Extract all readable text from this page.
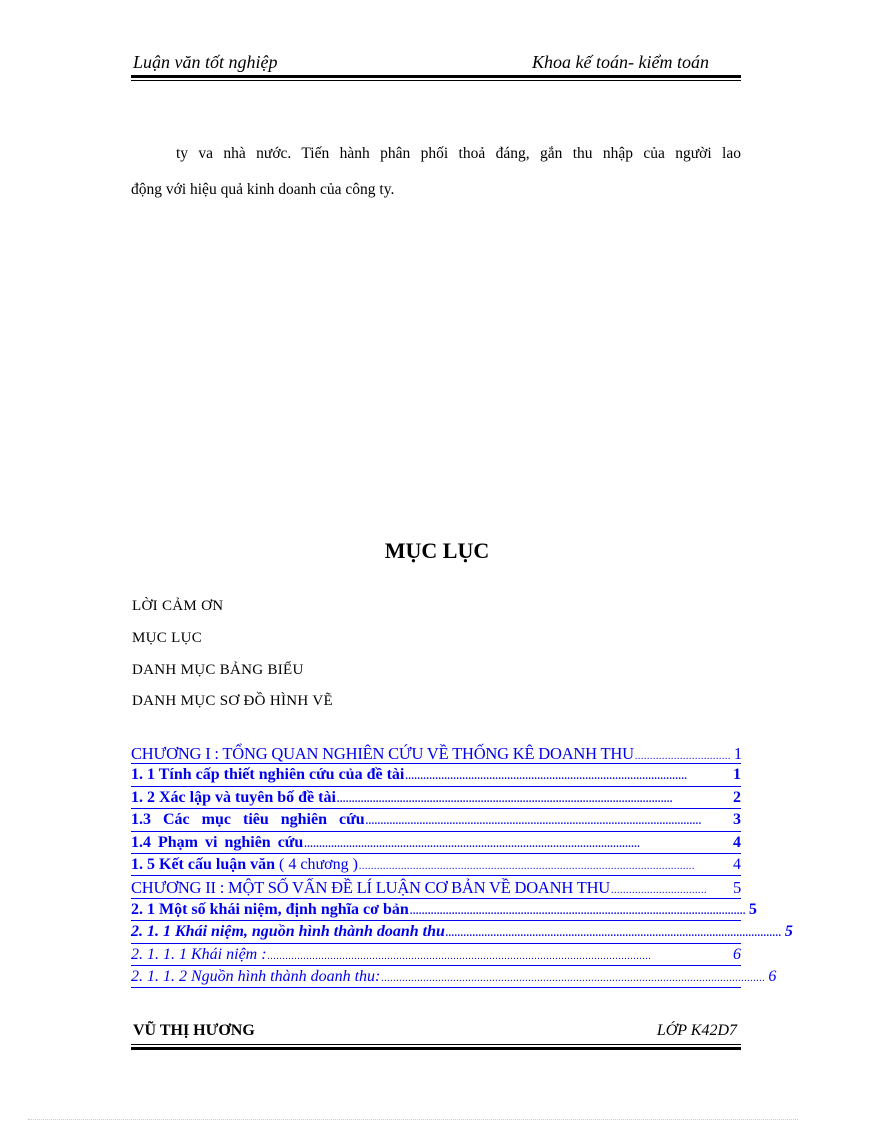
Luận văn tốt nghiệp	Khoa kế toán- kiểm toán
ty va nhà nước. Tiến hành phân phối thoả đáng, gắn thu nhập của người lao
động với hiệu quả kinh doanh của công ty.
MỤC LỤC
LỜI CẢM ƠN
MỤC LỤC
DANH MỤC BẢNG BIỂU
DANH MỤC SƠ ĐỒ HÌNH VẼ
CHƯƠNG I : TỔNG QUAN NGHIÊN CỨU VỀ THỐNG KÊ DOANH THU ................................ 1
1. 1 Tính cấp thiết nghiên cứu của đề tài ..............................................................................................	1
1. 2 Xác lập và tuyên bố đề tài ................................................................................................................	2
1.3 Các mục tiêu nghiên cứu ................................................................................................................	3
1.4 Phạm vi nghiên cứu ................................................................................................................	4
1. 5 Kết cấu luận văn ( 4 chương ) ................................................................................................................	4
CHƯƠNG II : MỘT SỐ VẤN ĐỀ LÍ LUẬN CƠ BẢN VỀ DOANH THU ................................	5
2. 1 Một số khái niệm, định nghĩa cơ bản ................................................................................................................ 5
2. 1. 1 Khái niệm, nguồn hình thành doanh thu ................................................................................................................ 5
2. 1. 1. 1 Khái niệm : ................................................................................................................................	6
2. 1. 1. 2 Nguồn hình thành doanh thu: ................................................................................................................................ 6
VŨ THỊ HƯƠNG	LỚP K42D7
